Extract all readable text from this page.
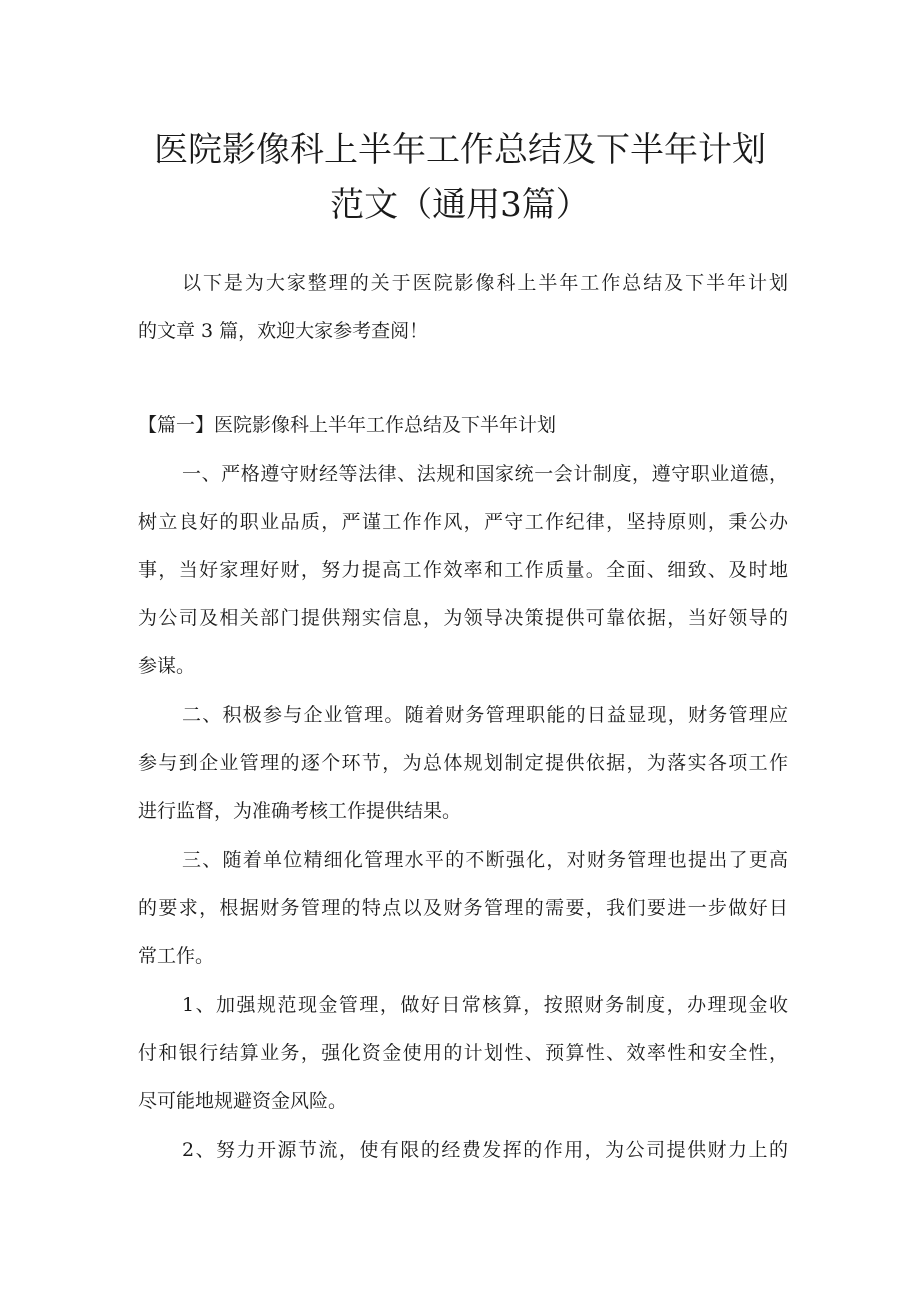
医院影像科上半年工作总结及下半年计划
范文（通用3篇）
以下是为大家整理的关于医院影像科上半年工作总结及下半年计划
的文章 3 篇，欢迎大家参考查阅！
【篇一】医院影像科上半年工作总结及下半年计划
一、严格遵守财经等法律、法规和国家统一会计制度，遵守职业道德，
树立良好的职业品质，严谨工作作风，严守工作纪律，坚持原则，秉公办
事，当好家理好财，努力提高工作效率和工作质量。全面、细致、及时地
为公司及相关部门提供翔实信息，为领导决策提供可靠依据，当好领导的
参谋。
二、积极参与企业管理。随着财务管理职能的日益显现，财务管理应
参与到企业管理的逐个环节，为总体规划制定提供依据，为落实各项工作
进行监督，为准确考核工作提供结果。
三、随着单位精细化管理水平的不断强化，对财务管理也提出了更高
的要求，根据财务管理的特点以及财务管理的需要，我们要进一步做好日
常工作。
1、加强规范现金管理，做好日常核算，按照财务制度，办理现金收
付和银行结算业务，强化资金使用的计划性、预算性、效率性和安全性，
尽可能地规避资金风险。
2、努力开源节流，使有限的经费发挥的作用，为公司提供财力上的
